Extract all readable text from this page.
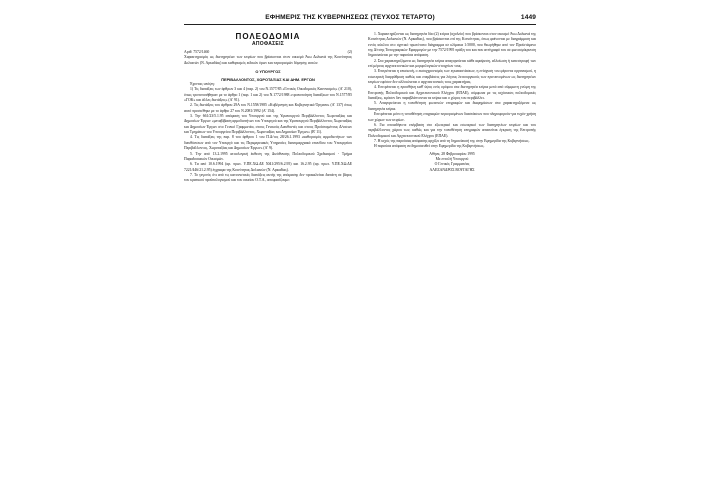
ΕΦΗΜΕΡΙΣ ΤΗΣ ΚΥΒΕΡΝΗΣΕΩΣ (ΤΕΥΧΟΣ ΤΕΤΑΡΤΟ)	1449

ΠΟΛΕΟΔΟΜΙΑ

ΑΠΟΦΑΣΕΙΣ

Αριθ. 7572/1460	(2)

Χαρακτηρισμός ως διατηρητέων των κτιρίων που βρίσκονται στον οικισμό Άνω Δολιανά της Κοινότητας Δολιανών (Ν. Αρκαδίας) και καθορισμός ειδικών όρων και περιορισμών δόμησης αυτών.

Ο ΥΠΟΥΡΓΟΣ

ΠΕΡΙΒΑΛΛΟΝΤΟΣ, ΧΩΡΟΤΑΞΙΑΣ ΚΑΙ ΔΗΜ. ΕΡΓΩΝ

Έχοντας υπόψη:

1) Τις διατάξεις των άρθρων 3 και 4 (παρ. 2) του Ν.1577/85 «Γενικός Οικοδομικός Κανονισμός» (Α' 210), όπως τροποποιήθηκαν με το άρθρο 1 (παρ. 1 και 2) του Ν.1772/1988 «τροποποίηση διατάξεων του Ν.1577/85 «ΓΟΚ» και άλλες διατάξεις» (Α' 91).

2. Τις διατάξεις του άρθρου 29Α του Ν.1558/1985 «Κυβέρνηση και Κυβερνητικά Όργανα» (Α' 137) όπως αυτό προστέθηκε με το άρθρο 27 του Ν.2081/1992 (Α' 154).

3. Την 661/23/5.1.95 απόφαση του Υπουργού και της Υφυπουργού Περιβάλλοντος Χωροταξίας και Δημοσίων Έργων «μεταβίβαση αρμοδιοτήτων του Υπουργού και της Υφυπουργού Περιβάλλοντος Χωροταξίας και Δημοσίων Έργων στο Γενικό Γραμματέα, στους Γενικούς Διευθυντές και στους Προϊσταμένους Δ/νσεων και Τμημάτων του Υπουργείου Περιβάλλοντος, Χωροταξίας και Δημοσίων Έργων» (Β' 11).

4. Τις διατάξεις της παρ. 8 του άρθρου 1 του Π.Δ/τος 28/26.1.1993 «καθορισμός αρμοδιοτήτων των διευθύνσεων από τον Υπουργό και τις Περιφερειακές Υπηρεσίες διανομαρχιακά επιπέδου του Υπουργείου Περιβάλλοντος, Χωροταξίας και Δημοσίων Έργων» (Α' 9).

5. Την από 13.2.1995 αιτιολογική έκθεση της Διεύθυνσης Πολεοδομικού Σχεδιασμού - Τμήμα Παραδοσιακών Οικισμών.

6. Τα από 10.6.1994 (αρ. πρωτ. Υ.ΠΕ.ΧΩ.ΔΕ 5041/295/6.2.95) και 16.2.95 (αρ. πρωτ. Υ.ΠΕ.ΧΩ.ΔΕ 7221/446/21.2.95) έγγραφα της Κοινότητας Δολιανών (Ν. Αρκαδίας).

7. Το γεγονός ότι από τις κανονιστικές διατάξεις αυτής της απόφασης δεν προκαλείται δαπάνη σε βάρος του κρατικού προϋπολογισμού και του οικείου Ο.Τ.Α., αποφασίζουμε:

1. Χαρακτηρίζονται ως διατηρητέα δύο (2) κτίρια (σχολείο) που βρίσκονται στον οικισμό Άνω Δολιανά της Κοινότητας Δολιανών (Ν. Αρκαδίας), που βρίσκονται επί της Κοινότητας, όπως φαίνονται με διαγράμμιση και εντός κύκλου στο σχετικό πρωτότυπο διάγραμμα σε κλίμακα 1:5000, που θεωρήθηκε από τον Προϊστάμενο της Δ/νσης Τοπογραφικών Εφαρμογών με την 7572/1995 πράξη του και που αντίγραφό του σε φωτοσμίκρυνση δημοσιεύεται με την παρούσα απόφαση.

2. Στα χαρακτηριζόμενα ως διατηρητέα κτίρια απαγορεύεται κάθε αφαίρεση, αλλοίωση ή κατεστροφή των επί μέρους αρχιτεκτονικών και μορφολογικών στοιχείων τους.

3. Επιτρέπεται η επισκευή, ο εκσυγχρονισμός των εγκαταστάσεων, η ενίσχυση του φέροντα οργανισμού, η εσωτερική διαρρύθμιση καθώς και επεμβάσεις για λόγους λειτουργικούς των προτεινομένων ως διατηρητέων κτιρίων εφόσον δεν αλλοιώνεται ο αρχιτεκτονικός τους χαρακτήρας.

4. Επιτρέπεται η προσθήκη καθ' ύψος ενός ορόφου στα διατηρητέα κτίρια μετά από σύμφωνη γνώμη της Επιτροπής Πολεοδομικού και Αρχιτεκτονικού Ελέγχου (ΕΠΑΕ), σύμφωνα με τις ισχύουσες πολεοδομικές διατάξεις, εφόσον δεν παραβλάπτονται τα κτίρια και ο χώρος του περιβάλλει.

5. Απαγορεύεται η τοποθέτηση φωτεινών επιγραφών και διαφημίσεων στα χαρακτηριζόμενα ως διατηρητέα κτίρια.

Επιτρέπεται μόνο η τοποθέτηση επιγραφών περιορισμένων διαστάσεων που πληροφορούν για τυχόν χρήση των χώρων των κτιρίων.

6. Για οποιαδήποτε επέμβαση στο εξωτερικό και εσωτερικό των διατηρητέων κτιρίων και του περιβάλλοντος χώρου των, καθώς και για την τοποθέτηση επιγραφών απαιτείται έγκριση της Επιτροπής Πολεοδομικού και Αρχιτεκτονικού Ελέγχου (ΕΠΑΕ).

7. Η ισχύς της παρούσας απόφασης αρχίζει από τη δημοσίευσή της στην Εφημερίδα της Κυβερνήσεως.

Η παρούσα απόφαση να δημοσιευθεί στην Εφημερίδα της Κυβερνήσεως.

Αθήνα, 28 Φεβρουαρίου 1995

Με εντολή Υπουργού

Ο Γενικός Γραμματέας

ΑΛΕΞΑΝΔΡΟΣ ΒΟΥΓΑΓΗΣ
